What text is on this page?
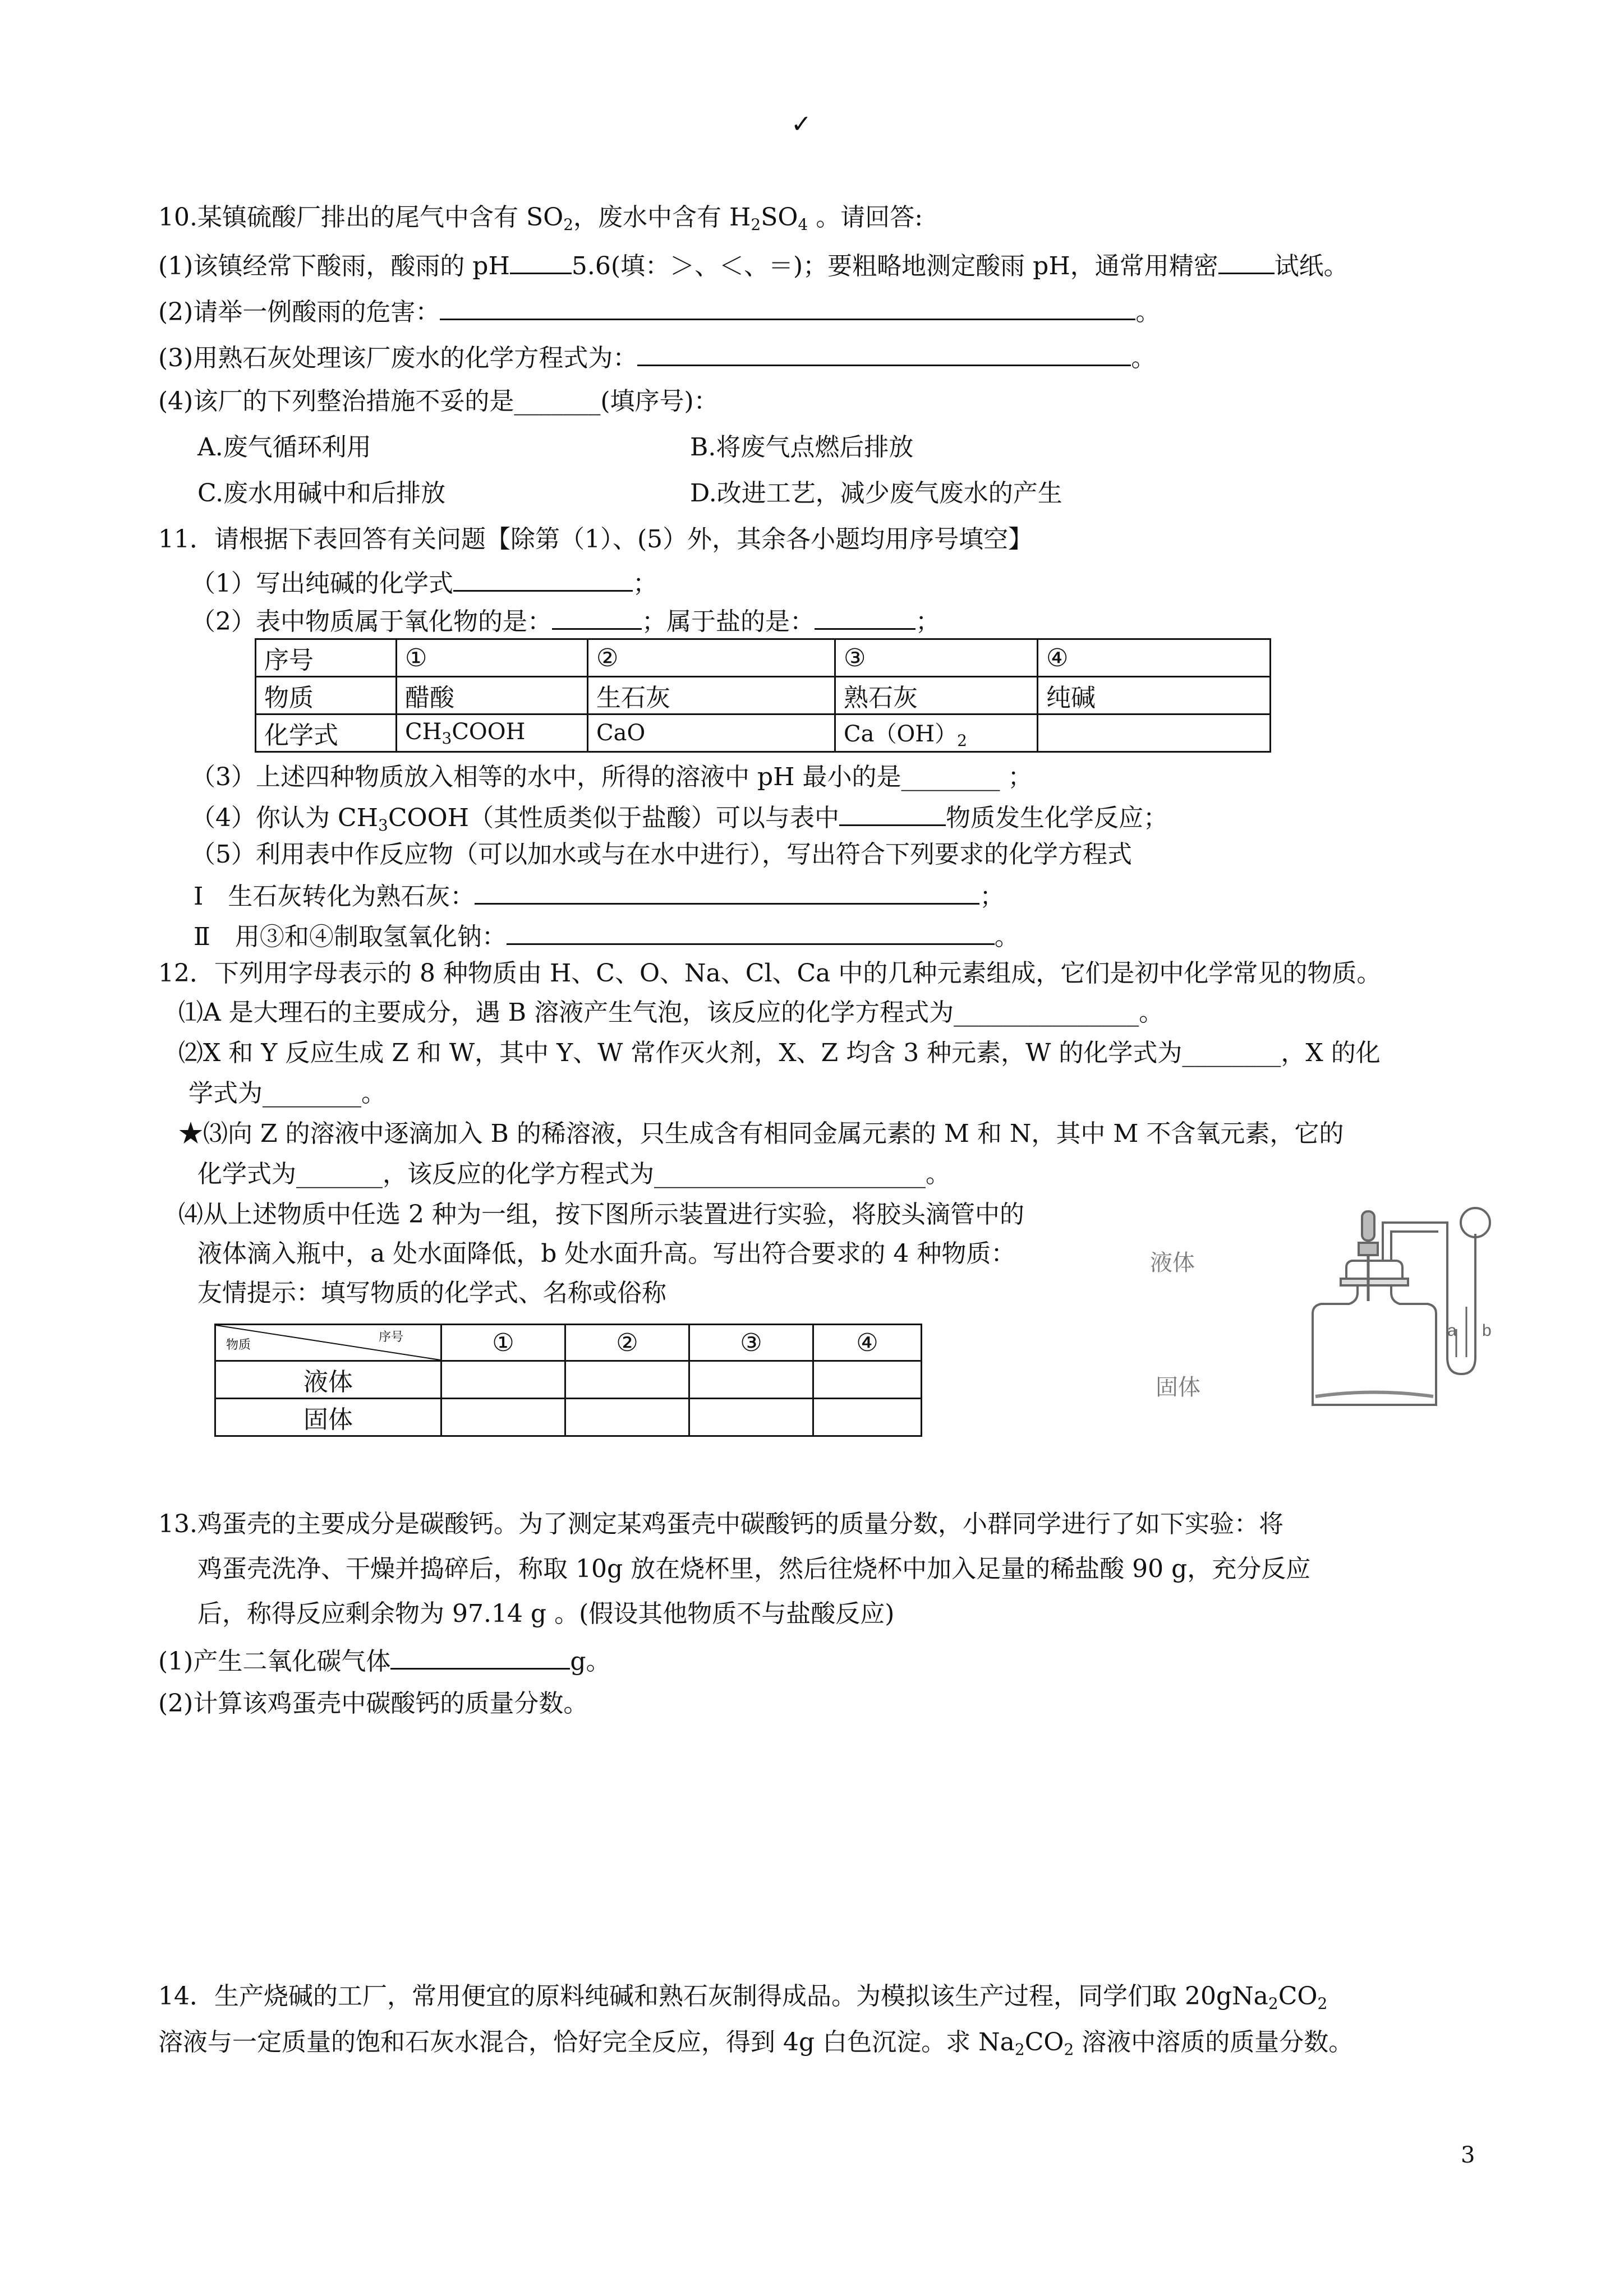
✓
10.某镇硫酸厂排出的尾气中含有 $SO_2$，废水中含有 $H_2SO_4$ 。请回答:
(1)该镇经常下酸雨，酸雨的 pH	5.6(填：＞、＜、＝)；要粗略地测定酸雨 pH，通常用精密 试纸。
(2)请举一例酸雨的危害：	。
(3)用熟石灰处理该厂废水的化学方程式为：	。
(4)该厂的下列整治措施不妥的是_______(填序号)：
A.废气循环利用	B.将废气点燃后排放
C.废水用碱中和后排放	D.改进工艺，减少废气废水的产生
11．请根据下表回答有关问题【除第（1）、(5）外，其余各小题均用序号填空】
（1）写出纯碱的化学式	；
（2）表中物质属于氧化物的是：	；属于盐的是：	；
序号	①	②	③	④
物质	醋酸	生石灰	熟石灰	纯碱
化学式	$CH_3COOH$	CaO	$Ca(OH)_2$	
（3）上述四种物质放入相等的水中，所得的溶液中 pH 最小的是________ ；
（4）你认为 $CH_3COOH$（其性质类似于盐酸）可以与表中	物质发生化学反应；
（5）利用表中作反应物（可以加水或与在水中进行），写出符合下列要求的化学方程式
Ⅰ　生石灰转化为熟石灰：	；
Ⅱ　用③和④制取氢氧化钠：	。
12．下列用字母表示的 8 种物质由 H、C、O、Na、Cl、Ca 中的几种元素组成，它们是初中化学常见的物质。
⑴A 是大理石的主要成分，遇 B 溶液产生气泡，该反应的化学方程式为_______________。
⑵X 和 Y 反应生成 Z 和 W，其中 Y、W 常作灭火剂，X、Z 均含 3 种元素，W 的化学式为________，X 的化
学式为________。
★⑶向 Z 的溶液中逐滴加入 B 的稀溶液，只生成含有相同金属元素的 M 和 N，其中 M 不含氧元素，它的
化学式为_______，该反应的化学方程式为______________________。
⑷从上述物质中任选 2 种为一组，按下图所示装置进行实验，将胶头滴管中的
液体滴入瓶中，a 处水面降低，b 处水面升高。写出符合要求的 4 种物质：
友情提示：填写物质的化学式、名称或俗称
物质
序号	①	②	③	④
液体				
固体				
a b
液体
固体
13.鸡蛋壳的主要成分是碳酸钙。为了测定某鸡蛋壳中碳酸钙的质量分数，小群同学进行了如下实验：将
鸡蛋壳洗净、干燥并捣碎后，称取 10g 放在烧杯里，然后往烧杯中加入足量的稀盐酸 90 g，充分反应
后，称得反应剩余物为 97.14 g 。(假设其他物质不与盐酸反应)
(1)产生二氧化碳气体	g。
(2)计算该鸡蛋壳中碳酸钙的质量分数。
14．生产烧碱的工厂，常用便宜的原料纯碱和熟石灰制得成品。为模拟该生产过程，同学们取 $20gNa_2CO_2$
溶液与一定质量的饱和石灰水混合，恰好完全反应，得到 4g 白色沉淀。求 $Na_2CO_2$ 溶液中溶质的质量分数。
3
